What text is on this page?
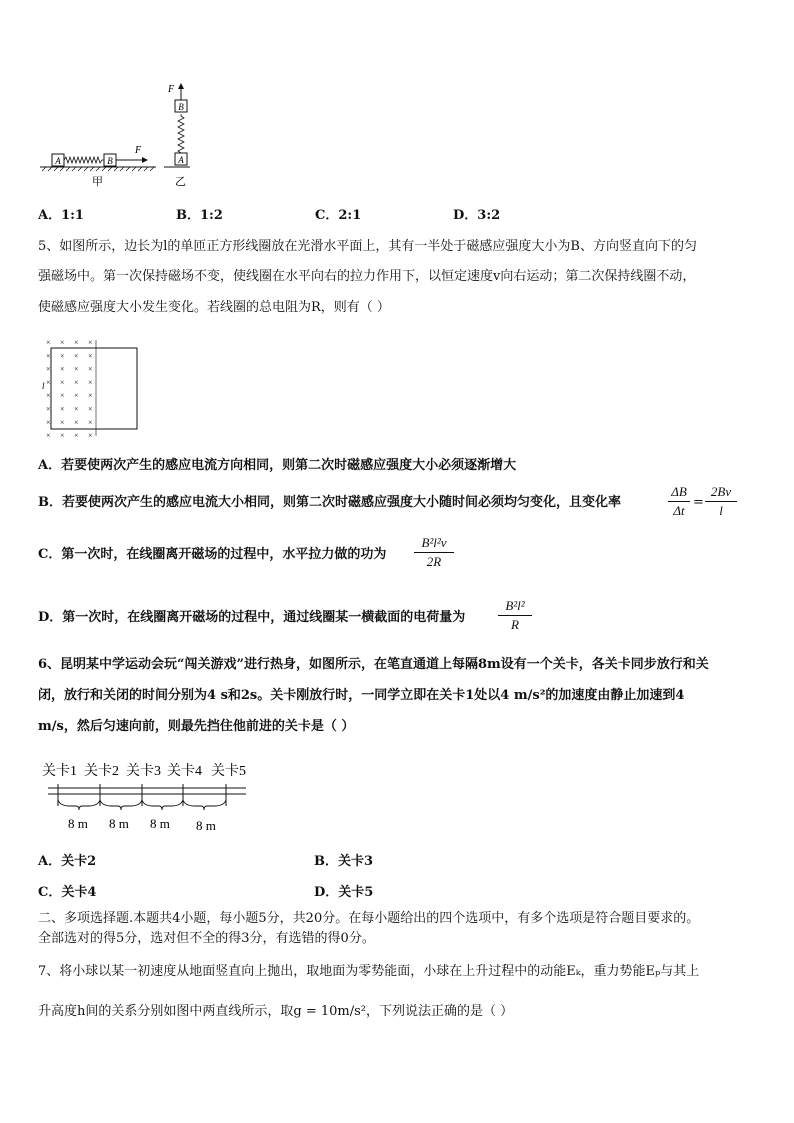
A	B
F
甲
A
B
F
乙
A．1:1	B．1:2	C．2:1	D．3:2
5、如图所示，边长为l的单匝正方形线圈放在光滑水平面上，其有一半处于磁感应强度大小为B、方向竖直向下的匀
强磁场中。第一次保持磁场不变，使线圈在水平向右的拉力作用下，以恒定速度v向右运动；第二次保持线圈不动，
使磁感应强度大小发生变化。若线圈的总电阻为R，则有（ ）
× × × ×
× × × ×
× × × ×
× × × ×
× × × ×
× × × ×
× × × ×
× × × ×
l
A．若要使两次产生的感应电流方向相同，则第二次时磁感应强度大小必须逐渐增大
B．若要使两次产生的感应电流大小相同，则第二次时磁感应强度大小随时间必须均匀变化，且变化率
ΔB
Δt
=
2Bv
l
C．第一次时，在线圈离开磁场的过程中，水平拉力做的功为
B²l²v
2R
D．第一次时，在线圈离开磁场的过程中，通过线圈某一横截面的电荷量为
B²l²
R
6、昆明某中学运动会玩“闯关游戏”进行热身，如图所示，在笔直通道上每隔8m设有一个关卡，各关卡同步放行和关
闭，放行和关闭的时间分别为4 s和2s。关卡刚放行时，一同学立即在关卡1处以4 m/s²的加速度由静止加速到4
m/s，然后匀速向前，则最先挡住他前进的关卡是（ ）
关卡1 关卡2 关卡3 关卡4 关卡5
8 m 8 m 8 m 8 m
A．关卡2	B．关卡3
C．关卡4	D．关卡5
二、多项选择题.本题共4小题，每小题5分，共20分。在每小题给出的四个选项中，有多个选项是符合题目要求的。
全部选对的得5分，选对但不全的得3分，有选错的得0分。
7、将小球以某一初速度从地面竖直向上抛出，取地面为零势能面，小球在上升过程中的动能Eₖ，重力势能Eₚ与其上
升高度h间的关系分别如图中两直线所示，取g = 10m/s²，下列说法正确的是（ ）
